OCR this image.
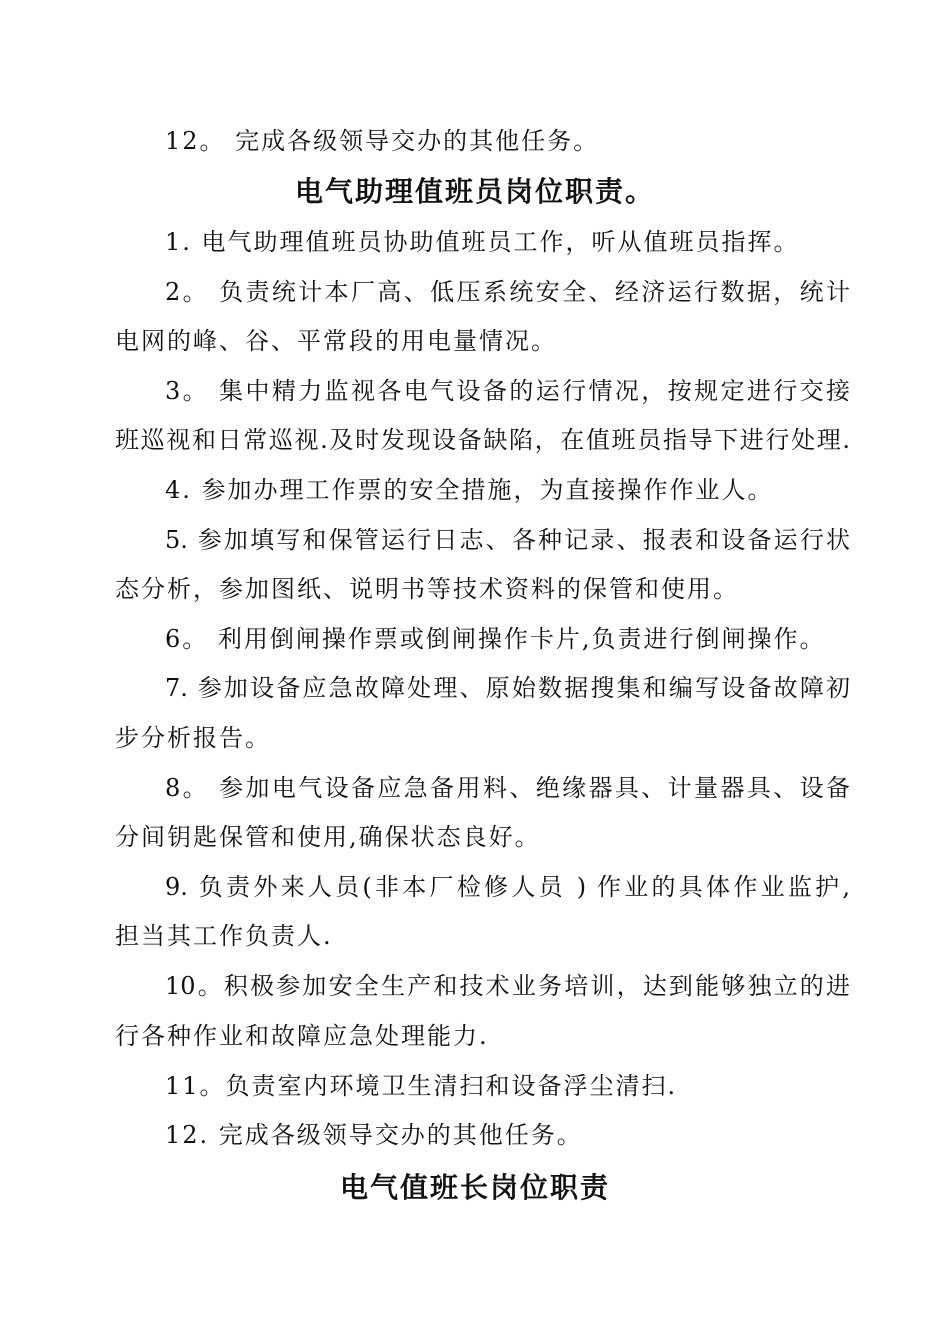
12。 完成各级领导交办的其他任务。
电气助理值班员岗位职责。
1. 电气助理值班员协助值班员工作，听从值班员指挥。
2。 负责统计本厂高、低压系统安全、经济运行数据，统计
电网的峰、谷、平常段的用电量情况。
3。 集中精力监视各电气设备的运行情况，按规定进行交接
班巡视和日常巡视.及时发现设备缺陷，在值班员指导下进行处理.
4. 参加办理工作票的安全措施，为直接操作作业人。
5. 参加填写和保管运行日志、各种记录、报表和设备运行状
态分析，参加图纸、说明书等技术资料的保管和使用。
6。 利用倒闸操作票或倒闸操作卡片,负责进行倒闸操作。
7. 参加设备应急故障处理、原始数据搜集和编写设备故障初
步分析报告。
8。 参加电气设备应急备用料、绝缘器具、计量器具、设备
分间钥匙保管和使用,确保状态良好。
9. 负责外来人员(非本厂检修人员 ) 作业的具体作业监护,
担当其工作负责人.
10。积极参加安全生产和技术业务培训，达到能够独立的进
行各种作业和故障应急处理能力.
11。负责室内环境卫生清扫和设备浮尘清扫.
12. 完成各级领导交办的其他任务。
电气值班长岗位职责
